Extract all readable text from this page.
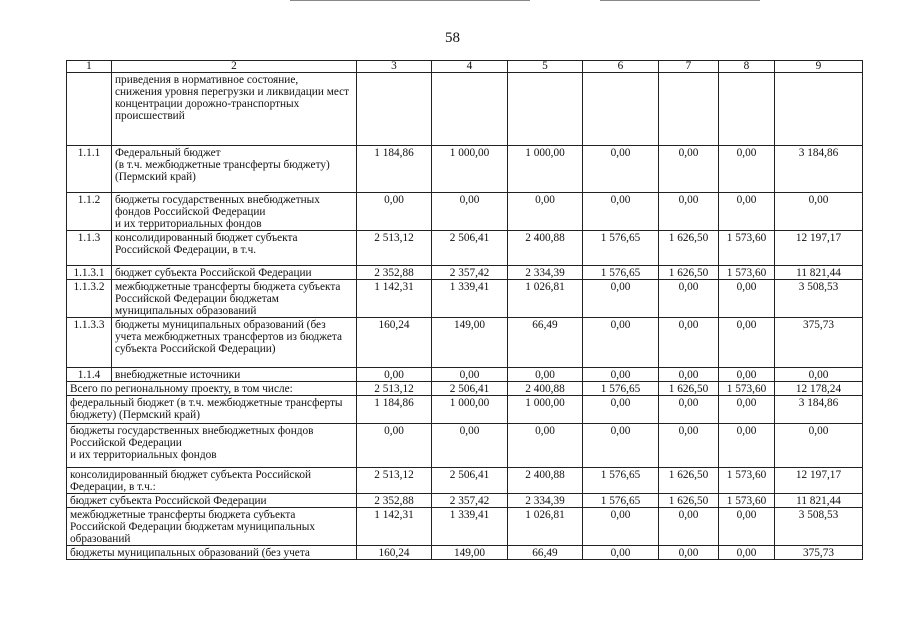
58
1	2	3	4	5	6	7	8	9
	приведения в нормативное состояние,
снижения уровня перегрузки и ликвидации мест концентрации дорожно-транспортных происшествий							
1.1.1	Федеральный бюджет
(в т.ч. межбюджетные трансферты бюджету) (Пермский край)	1 184,86	1 000,00	1 000,00	0,00	0,00	0,00	3 184,86
1.1.2	бюджеты государственных внебюджетных фондов Российской Федерации
и их территориальных фондов	0,00	0,00	0,00	0,00	0,00	0,00	0,00
1.1.3	консолидированный бюджет субъекта Российской Федерации, в т.ч.	2 513,12	2 506,41	2 400,88	1 576,65	1 626,50	1 573,60	12 197,17
1.1.3.1	бюджет субъекта Российской Федерации	2 352,88	2 357,42	2 334,39	1 576,65	1 626,50	1 573,60	11 821,44
1.1.3.2	межбюджетные трансферты бюджета субъекта Российской Федерации бюджетам муниципальных образований	1 142,31	1 339,41	1 026,81	0,00	0,00	0,00	3 508,53
1.1.3.3	бюджеты муниципальных образований (без учета межбюджетных трансфертов из бюджета субъекта Российской Федерации)	160,24	149,00	66,49	0,00	0,00	0,00	375,73
1.1.4	внебюджетные источники	0,00	0,00	0,00	0,00	0,00	0,00	0,00
Всего по региональному проекту, в том числе:		2 513,12	2 506,41	2 400,88	1 576,65	1 626,50	1 573,60	12 178,24
федеральный бюджет (в т.ч. межбюджетные трансферты бюджету) (Пермский край)		1 184,86	1 000,00	1 000,00	0,00	0,00	0,00	3 184,86
бюджеты государственных внебюджетных фондов Российской Федерации
и их территориальных фондов		0,00	0,00	0,00	0,00	0,00	0,00	0,00
консолидированный бюджет субъекта Российской Федерации, в т.ч.:		2 513,12	2 506,41	2 400,88	1 576,65	1 626,50	1 573,60	12 197,17
бюджет субъекта Российской Федерации		2 352,88	2 357,42	2 334,39	1 576,65	1 626,50	1 573,60	11 821,44
межбюджетные трансферты бюджета субъекта Российской Федерации бюджетам муниципальных образований		1 142,31	1 339,41	1 026,81	0,00	0,00	0,00	3 508,53
бюджеты муниципальных образований (без учета		160,24	149,00	66,49	0,00	0,00	0,00	375,73
